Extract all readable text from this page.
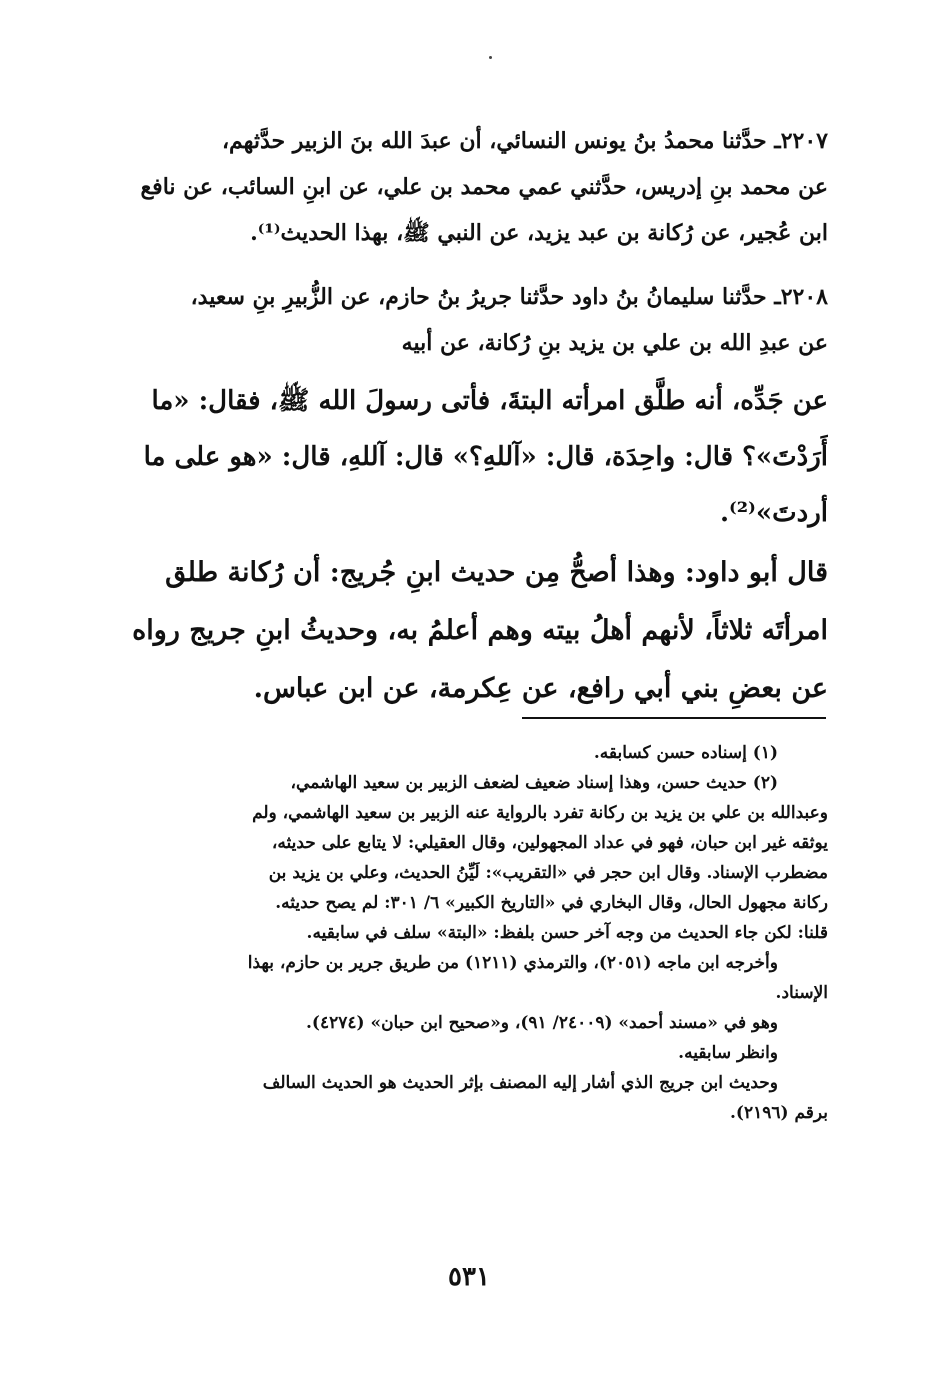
٢٢٠٧ـ حدَّثنا محمدُ بنُ يونس النسائي، أن عبدَ الله بنَ الزبير حدَّثهم،
عن محمد بنِ إدريس، حدَّثني عمي محمد بن علي، عن ابنِ السائب، عن نافع
ابن عُجير، عن رُكانة بن عبد يزيد، عن النبي ﷺ، بهذا الحديث⁽¹⁾.
٢٢٠٨ـ حدَّثنا سليمانُ بنُ داود حدَّثنا جريرُ بنُ حازم، عن الزُّبيرِ بنِ سعيد،
عن عبدِ الله بن علي بن يزيد بنِ رُكانة، عن أبيه
عن جَدِّه، أنه طلَّق امرأته البتةَ، فأتى رسولَ الله ﷺ، فقال: «ما
أَرَدْتَ»؟ قال: واحِدَة، قال: «آللهِ؟» قال: آللهِ، قال: «هو على ما
أردتَ»⁽²⁾.
قال أبو داود: وهذا أصحُّ مِن حديث ابنِ جُريج: أن رُكانة طلق
امرأتَه ثلاثاً، لأنهم أهلُ بيته وهم أعلمُ به، وحديثُ ابنِ جريج رواه
عن بعضِ بني أبي رافع، عن عِكرمة، عن ابن عباس.
(١) إسناده حسن كسابقه.
(٢) حديث حسن، وهذا إسناد ضعيف لضعف الزبير بن سعيد الهاشمي،
وعبدالله بن علي بن يزيد بن ركانة تفرد بالرواية عنه الزبير بن سعيد الهاشمي، ولم
يوثقه غير ابن حبان، فهو في عداد المجهولين، وقال العقيلي: لا يتابع على حديثه،
مضطرب الإسناد. وقال ابن حجر في «التقريب»: لَيِّنُ الحديث، وعلي بن يزيد بن
ركانة مجهول الحال، وقال البخاري في «التاريخ الكبير» ٦/ ٣٠١: لم يصح حديثه.
قلنا: لكن جاء الحديث من وجه آخر حسن بلفظ: «البتة» سلف في سابقيه.
وأخرجه ابن ماجه (٢٠٥١)، والترمذي (١٢١١) من طريق جرير بن حازم، بهذا
الإسناد.
وهو في «مسند أحمد» (٢٤٠٠٩/ ٩١)، و«صحيح ابن حبان» (٤٢٧٤).
وانظر سابقيه.
وحديث ابن جريج الذي أشار إليه المصنف بإثر الحديث هو الحديث السالف
برقم (٢١٩٦).
٥٣١
